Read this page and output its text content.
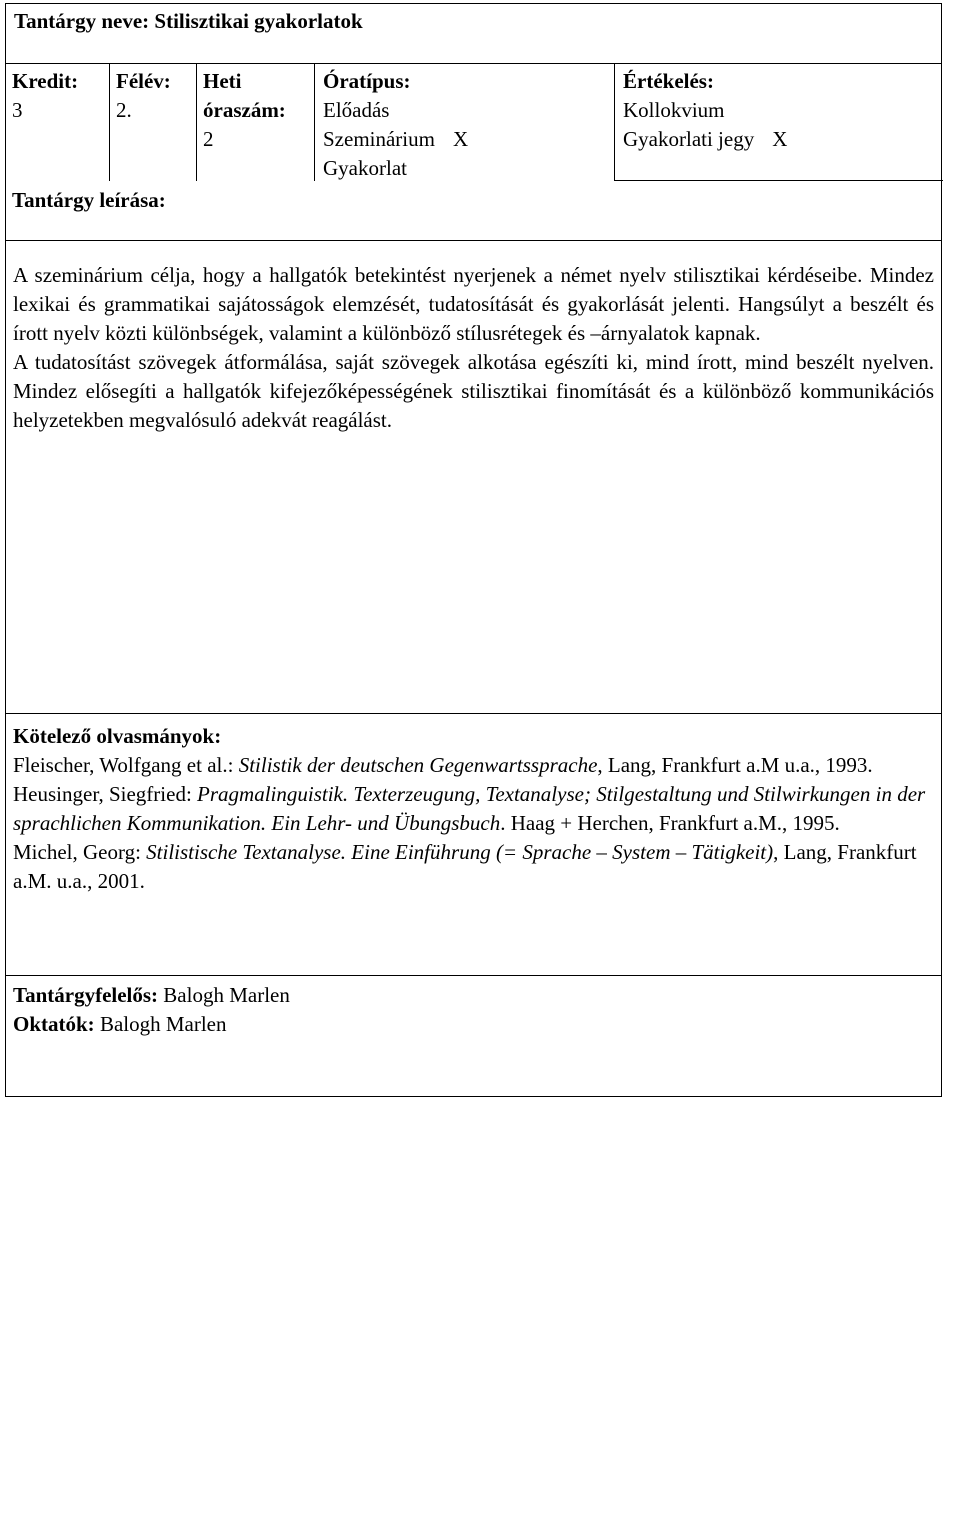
Tantárgy neve: Stilisztikai gyakorlatok
Kredit:
3
Félév:
2.
Heti
óraszám:
2
Óratípus:
Előadás
Szeminárium X
Gyakorlat
Értékelés:
Kollokvium
Gyakorlati jegy X
Tantárgy leírása:

A szeminárium célja, hogy a hallgatók betekintést nyerjenek a német nyelv stilisztikai kérdéseibe. Mindez lexikai és grammatikai sajátosságok elemzését, tudatosítását és gyakorlását jelenti. Hangsúlyt a beszélt és írott nyelv közti különbségek, valamint a különböző stílusrétegek és –árnyalatok kapnak.

A tudatosítást szövegek átformálása, saját szövegek alkotása egészíti ki, mind írott, mind beszélt nyelven. Mindez elősegíti a hallgatók kifejezőképességének stilisztikai finomítását és a különböző kommunikációs helyzetekben megvalósuló adekvát reagálást.

Kötelező olvasmányok:

Fleischer, Wolfgang et al.: Stilistik der deutschen Gegenwartssprache, Lang, Frankfurt a.M u.a., 1993.

Heusinger, Siegfried: Pragmalinguistik. Texterzeugung, Textanalyse; Stilgestaltung und Stilwirkungen in der sprachlichen Kommunikation. Ein Lehr- und Übungsbuch. Haag + Herchen, Frankfurt a.M., 1995.

Michel, Georg: Stilistische Textanalyse. Eine Einführung (= Sprache – System – Tätigkeit), Lang, Frankfurt a.M. u.a., 2001.

Tantárgyfelelős: Balogh Marlen

Oktatók: Balogh Marlen
